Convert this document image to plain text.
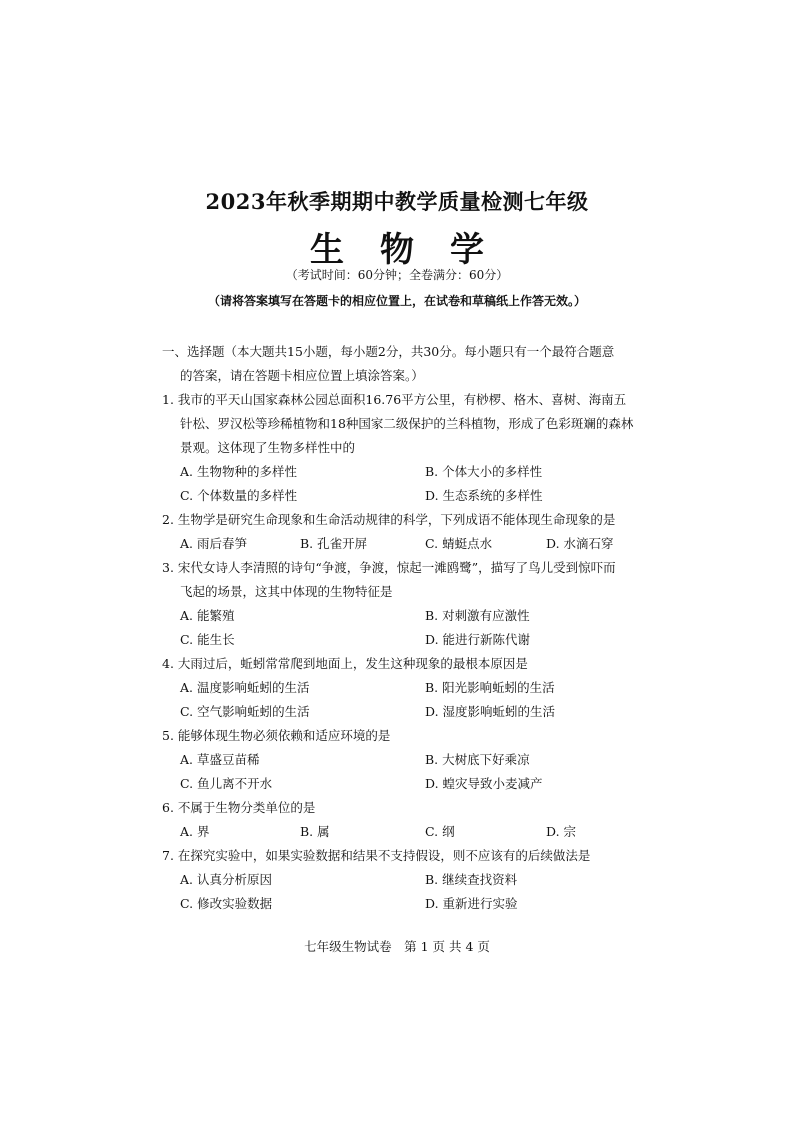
2023年秋季期期中教学质量检测七年级
生物学
（考试时间：60分钟；全卷满分：60分）
（请将答案填写在答题卡的相应位置上，在试卷和草稿纸上作答无效。）
一、选择题（本大题共15小题，每小题2分，共30分。每小题只有一个最符合题意
的答案，请在答题卡相应位置上填涂答案。）
1. 我市的平天山国家森林公园总面积16.76平方公里，有桫椤、格木、喜树、海南五
针松、罗汉松等珍稀植物和18种国家二级保护的兰科植物，形成了色彩斑斓的森林
景观。这体现了生物多样性中的
A. 生物物种的多样性	B. 个体大小的多样性
C. 个体数量的多样性	D. 生态系统的多样性
2. 生物学是研究生命现象和生命活动规律的科学，下列成语不能体现生命现象的是
A. 雨后春笋	B. 孔雀开屏	C. 蜻蜓点水	D. 水滴石穿
3. 宋代女诗人李清照的诗句“争渡，争渡，惊起一滩鸥鹭”，描写了鸟儿受到惊吓而
飞起的场景，这其中体现的生物特征是
A. 能繁殖	B. 对刺激有应激性
C. 能生长	D. 能进行新陈代谢
4. 大雨过后，蚯蚓常常爬到地面上，发生这种现象的最根本原因是
A. 温度影响蚯蚓的生活	B. 阳光影响蚯蚓的生活
C. 空气影响蚯蚓的生活	D. 湿度影响蚯蚓的生活
5. 能够体现生物必须依赖和适应环境的是
A. 草盛豆苗稀	B. 大树底下好乘凉
C. 鱼儿离不开水	D. 蝗灾导致小麦减产
6. 不属于生物分类单位的是
A. 界	B. 属	C. 纲	D. 宗
7. 在探究实验中，如果实验数据和结果不支持假设，则不应该有的后续做法是
A. 认真分析原因	B. 继续查找资料
C. 修改实验数据	D. 重新进行实验
七年级生物试卷　第 1 页 共 4 页
